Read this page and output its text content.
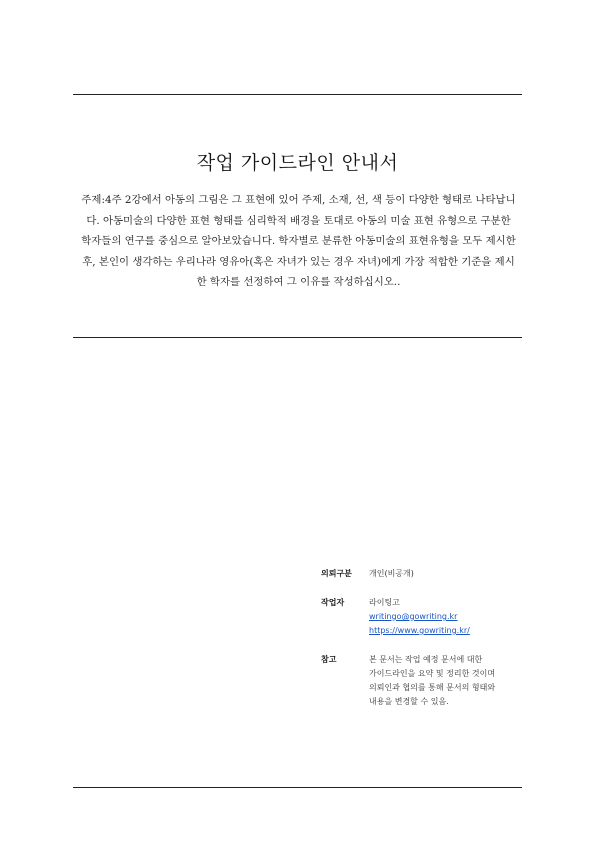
작업 가이드라인 안내서

주제:4주 2강에서 아동의 그림은 그 표현에 있어 주제, 소재, 선, 색 등이 다양한 형태로 나타납니다. 아동미술의 다양한 표현 형태를 심리학적 배경을 토대로 아동의 미술 표현 유형으로 구분한 학자들의 연구를 중심으로 알아보았습니다. 학자별로 분류한 아동미술의 표현유형을 모두 제시한 후, 본인이 생각하는 우리나라 영유아(혹은 자녀가 있는 경우 자녀)에게 가장 적합한 기준을 제시한 학자를 선정하여 그 이유를 작성하십시오..

의뢰구분	개인(비공개)
작업자	라이팅고
writingo@gowriting.kr
https://www.gowriting.kr/
참고	본 문서는 작업 예정 문서에 대한
가이드라인을 요약 및 정리한 것이며
의뢰인과 협의를 통해 문서의 형태와
내용을 변경할 수 있음.
